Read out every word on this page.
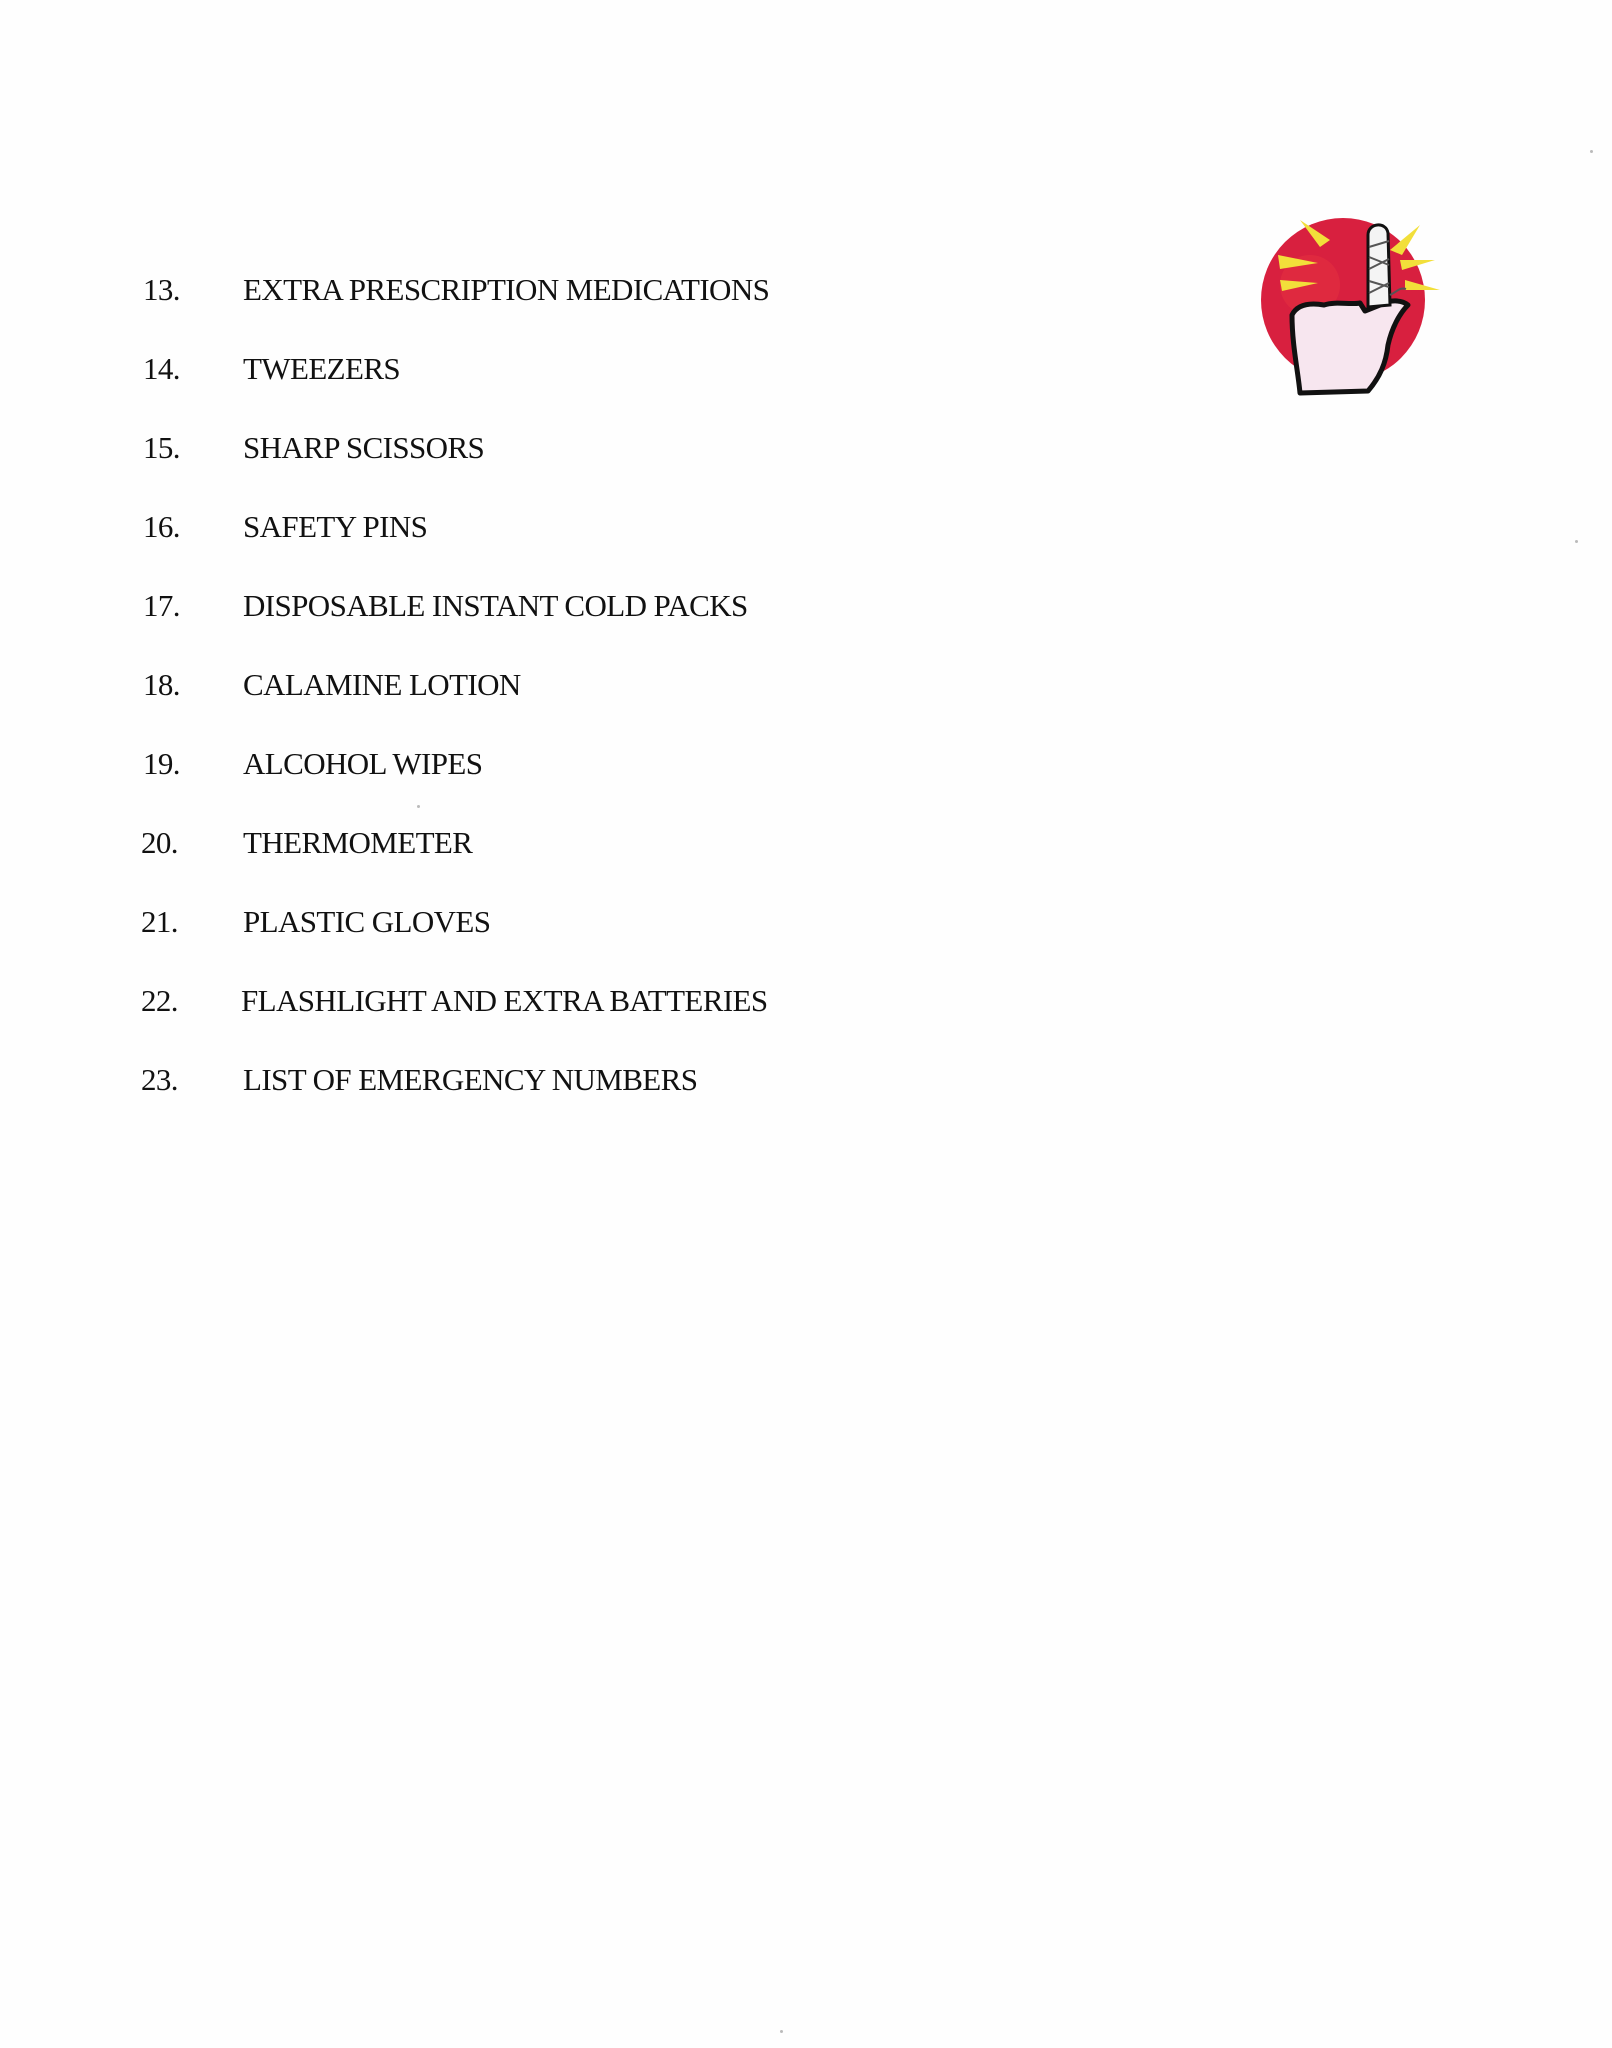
13. EXTRA PRESCRIPTION MEDICATIONS
14. TWEEZERS
15. SHARP SCISSORS
16. SAFETY PINS
17. DISPOSABLE INSTANT COLD PACKS
18. CALAMINE LOTION
19. ALCOHOL WIPES
20. THERMOMETER
21. PLASTIC GLOVES
22. FLASHLIGHT AND EXTRA BATTERIES
23. LIST OF EMERGENCY NUMBERS
